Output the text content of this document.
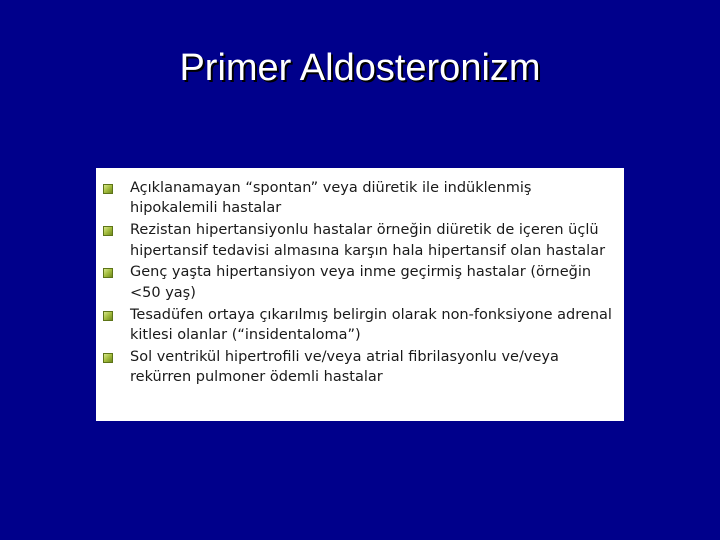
Primer Aldosteronizm
Açıklanamayan “spontan” veya diüretik ile indüklenmiş hipokalemili hastalar
Rezistan hipertansiyonlu hastalar örneğin diüretik de içeren üçlü hipertansif tedavisi almasına karşın hala hipertansif olan hastalar
Genç yaşta hipertansiyon veya inme geçirmiş hastalar (örneğin <50 yaş)
Tesadüfen ortaya çıkarılmış belirgin olarak non-fonksiyone adrenal kitlesi olanlar (“insidentaloma”)
Sol ventrikül hipertrofili ve/veya atrial fibrilasyonlu ve/veya rekürren pulmoner ödemli hastalar
